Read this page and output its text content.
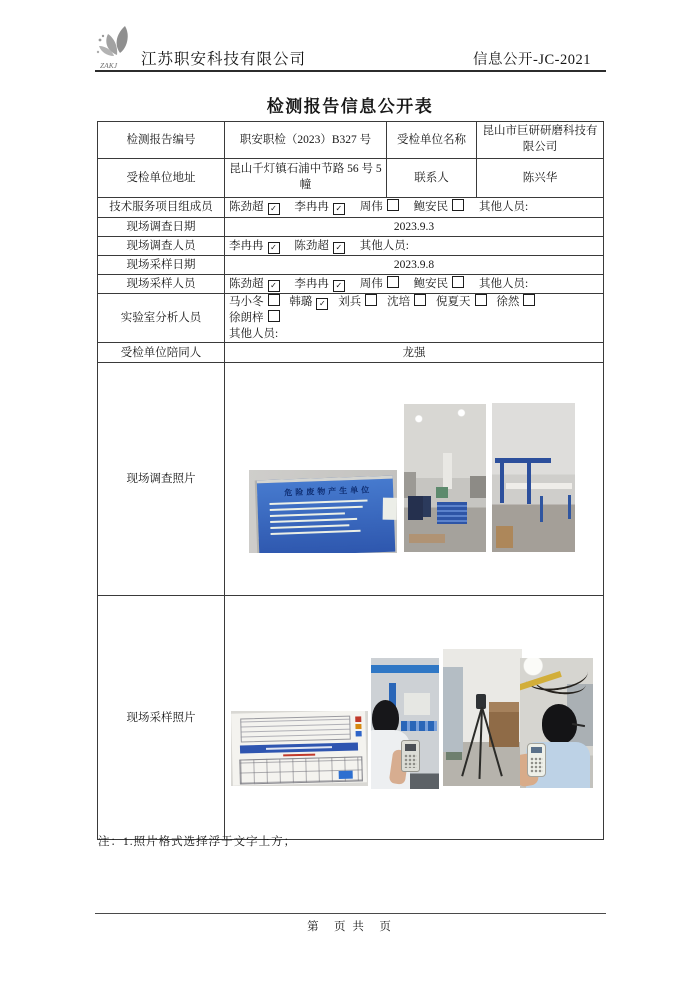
ZAKJ 江苏职安科技有限公司	信息公开-JC-2021
检测报告信息公开表
检测报告编号	职安职检（2023）B327 号	受检单位名称	昆山市巨研研磨科技有限公司
受检单位地址	昆山千灯镇石浦中节路 56 号 5 幢	联系人	陈兴华
技术服务项目组成员	陈劲超 ✓ 李冉冉 ✓ 周伟 鲍安民 其他人员:		
现场调查日期	2023.9.3		
现场调查人员	李冉冉 ✓ 陈劲超 ✓ 其他人员:		
现场采样日期	2023.9.8		
现场采样人员	陈劲超 ✓ 李冉冉 ✓ 周伟 鲍安民 其他人员:		
实验室分析人员	马小冬 韩璐 ✓ 刘兵 沈培 倪夏天 徐然 徐朗梓
其他人员:		

受检单位陪同人	龙强		
现场调查照片	危险废物产生单位		

现场采样照片			

注：1.照片格式选择浮于文字上方；

第　页 共　页
